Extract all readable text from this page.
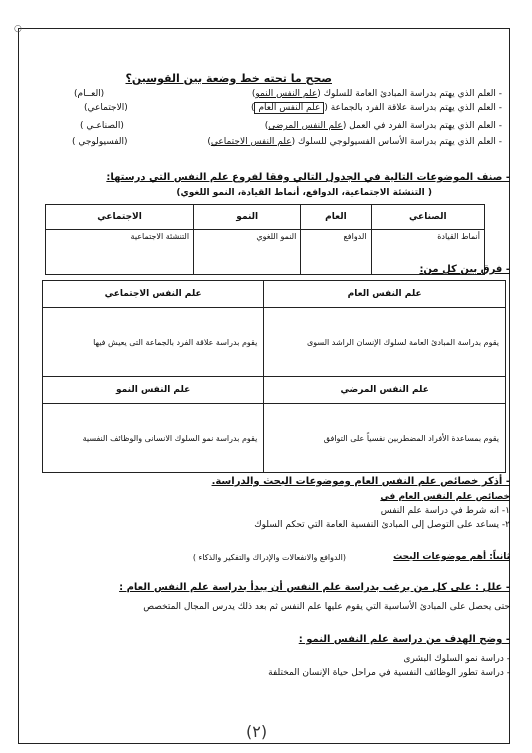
○
صحح ما تحته خط وضعة بين القوسين؟
- العلم الذي يهتم بدراسة المبادئ العامة للسلوك (علم النفس النمو)
(العــام)
- العلم الذي يهتم بدراسة علاقة الفرد بالجماعة (علم النفس العام)
(الاجتماعي)
- العلم الذي يهتم بدراسة الفرد في العمل (علم النفس المرضى)
(الصناعـي )
- العلم الذي يهتم بدراسة الأساس الفسيولوجي للسلوك (علم النفس الاجتماعي)
(الفسيولوجي )
- صنف الموضوعات التالية في الجدول التالي وفقا لفروع علم النفس التي درستها:
( التنشئة الاجتماعية، الدوافع، أنماط القيادة، النمو اللغوي)
الصناعي	العام	النمو	الاجتماعي
أنماط القيادة	الدوافع	النمو اللغوي	التنشئة الاجتماعية
- فرق بين كل من:
علم النفس العام	علم النفس الاجتماعي
يقوم بدراسة المبادئ العامة لسلوك الإنسان الراشد السوى	يقوم بدراسة علاقة الفرد بالجماعة التى يعيش فيها
علم النفس المرضي	علم النفس النمو
يقوم بمساعدة الأفراد المضطربين نفسياً على التوافق	يقوم بدراسة نمو السلوك الانسانى والوظائف النفسية
- أذكر خصائص علم النفس العام وموضوعات البحث والدراسة.
خصائص علم النفس العام في
١- انه شرط في دراسة علم النفس
٢- يساعد على التوصل إلى المبادئ النفسية العامة التي تحكم السلوك
ثانياً: أهم موضوعات البحث
(الدوافع والانفعالات والإدراك والتفكير والذكاء )
- علل : على كل من يرغب بدراسة علم النفس أن يبدأ بدراسة علم النفس العام :
حتى يحصل على المبادئ الأساسية التي يقوم عليها علم النفس ثم بعد ذلك يدرس المجال المتخصص
- وضح الهدف من دراسة علم النفس النمو :
- دراسة نمو السلوك البشرى
- دراسة تطور الوظائف النفسية في مراحل حياة الإنسان المختلفة
(٢)
